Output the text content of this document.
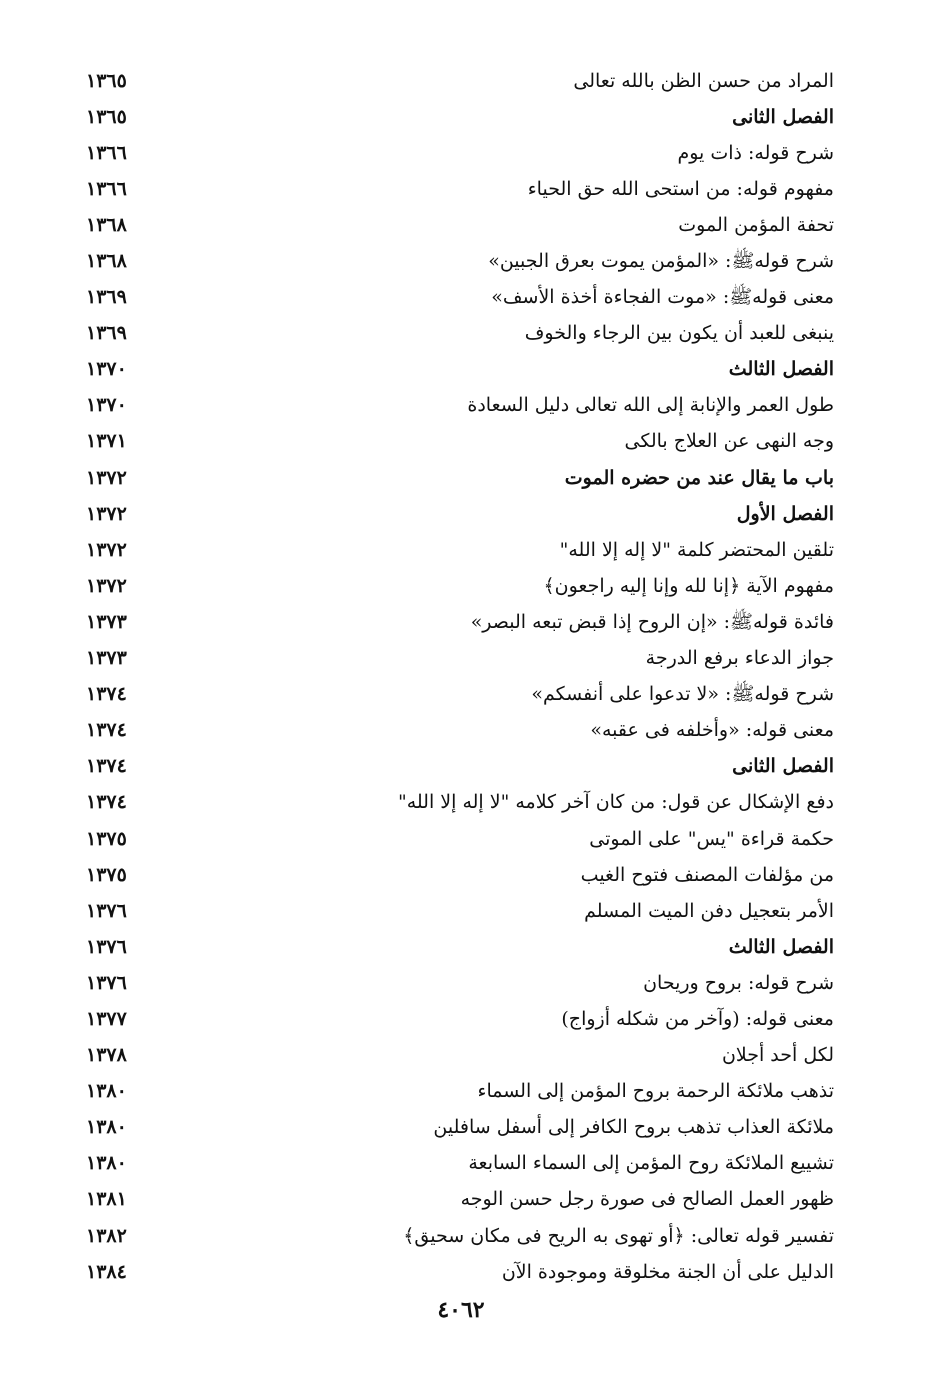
المراد من حسن الظن بالله تعالى
١٣٦٥
الفصل الثانى
١٣٦٥
شرح قوله: ذات يوم
١٣٦٦
مفهوم قوله: من استحى الله حق الحياء
١٣٦٦
تحفة المؤمن الموت
١٣٦٨
شرح قولهﷺ: «المؤمن يموت بعرق الجبين»
١٣٦٨
معنى قولهﷺ: «موت الفجاءة أخذة الأسف»
١٣٦٩
ينبغى للعبد أن يكون بين الرجاء والخوف
١٣٦٩
الفصل الثالث
١٣٧٠
طول العمر والإنابة إلى الله تعالى دليل السعادة
١٣٧٠
وجه النهى عن العلاج بالكى
١٣٧١
باب ما يقال عند من حضره الموت
١٣٧٢
الفصل الأول
١٣٧٢
تلقين المحتضر كلمة "لا إله إلا الله"
١٣٧٢
مفهوم الآية ﴿إنا لله وإنا إليه راجعون﴾
١٣٧٢
فائدة قولهﷺ: «إن الروح إذا قبض تبعه البصر»
١٣٧٣
جواز الدعاء برفع الدرجة
١٣٧٣
شرح قولهﷺ: «لا تدعوا على أنفسكم»
١٣٧٤
معنى قوله: «وأخلفه فى عقبه»
١٣٧٤
الفصل الثانى
١٣٧٤
دفع الإشكال عن قول: من كان آخر كلامه "لا إله إلا الله"
١٣٧٤
حكمة قراءة "يس" على الموتى
١٣٧٥
من مؤلفات المصنف فتوح الغيب
١٣٧٥
الأمر بتعجيل دفن الميت المسلم
١٣٧٦
الفصل الثالث
١٣٧٦
شرح قوله: بروح وريحان
١٣٧٦
معنى قوله: (وآخر من شكله أزواج)
١٣٧٧
لكل أحد أجلان
١٣٧٨
تذهب ملائكة الرحمة بروح المؤمن إلى السماء
١٣٨٠
ملائكة العذاب تذهب بروح الكافر إلى أسفل سافلين
١٣٨٠
تشييع الملائكة روح المؤمن إلى السماء السابعة
١٣٨٠
ظهور العمل الصالح فى صورة رجل حسن الوجه
١٣٨١
تفسير قوله تعالى: ﴿أو تهوى به الريح فى مكان سحيق﴾
١٣٨٢
الدليل على أن الجنة مخلوقة وموجودة الآن
١٣٨٤
٤٠٦٢
